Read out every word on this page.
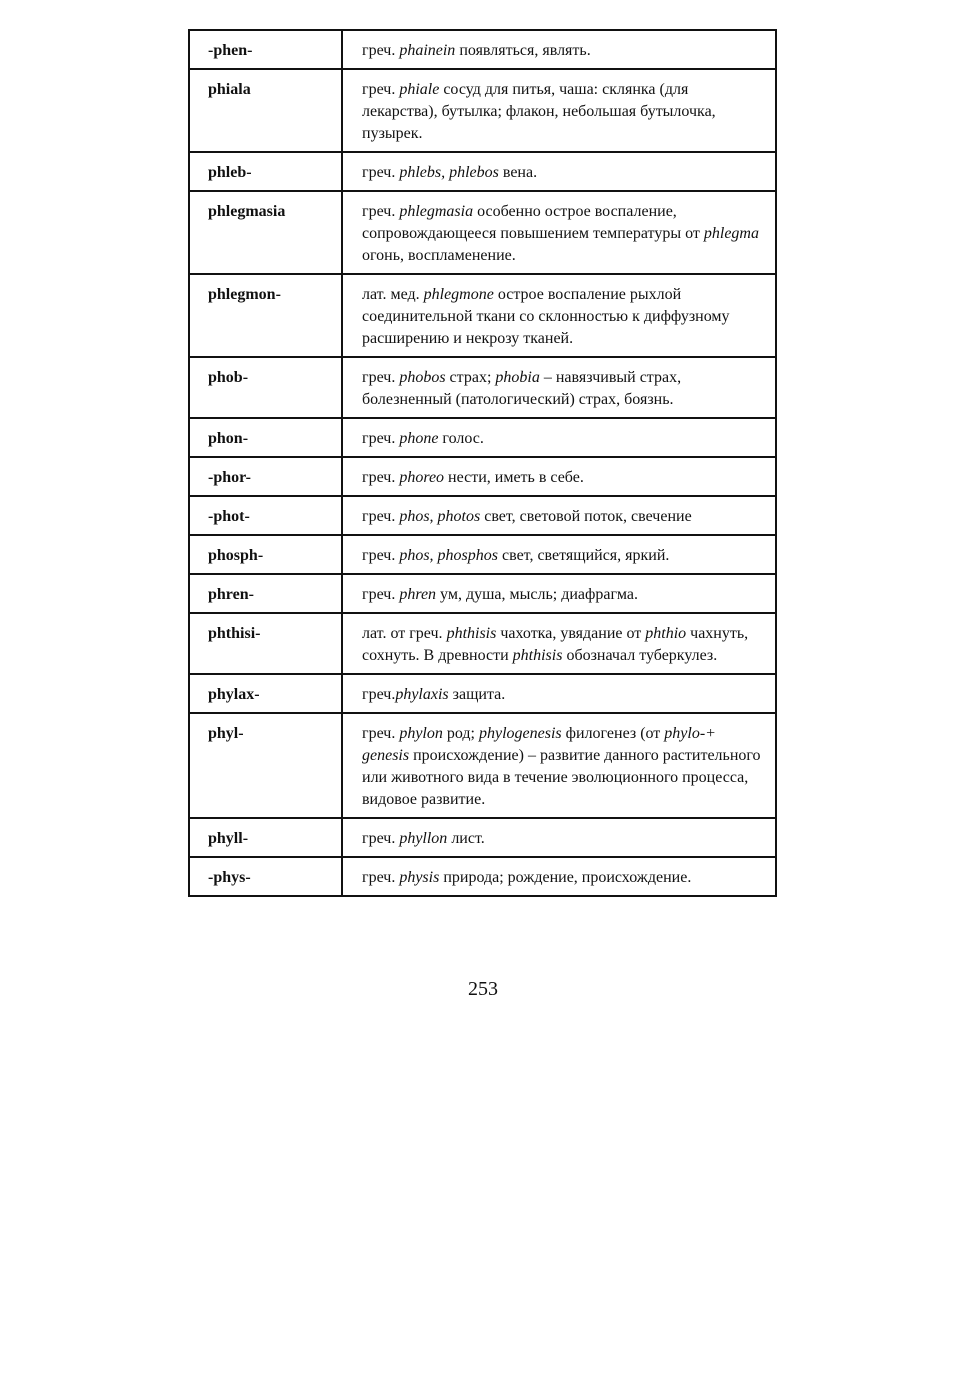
-phen-	греч. phainein появляться, являть.
phiala	греч. phiale сосуд для питья, чаша: склянка (для лекарства), бутылка; флакон, небольшая бутылочка, пузырек.
phleb-	греч. phlebs, phlebos вена.
phlegmasia	греч. phlegmasia особенно острое воспаление, сопровождающееся повышением температуры от phlegma огонь, воспламенение.
phlegmon-	лат. мед. phlegmone острое воспаление рыхлой соединительной ткани со склонностью к диффузному расширению и некрозу тканей.
phob-	греч. phobos страх; phobia – навязчивый страх, болезненный (патологический) страх, боязнь.
phon-	греч. phone голос.
-phor-	греч. phoreo нести, иметь в себе.
-phot-	греч. phos, photos свет, световой поток, свечение
phosph-	греч. phos, phosphos свет, светящийся, яркий.
phren-	греч. phren ум, душа, мысль; диафрагма.
phthisi-	лат. от греч. phthisis чахотка, увядание от phthio чахнуть, сохнуть. В древности phthisis обозначал туберкулез.
phylax-	греч.phylaxis защита.
phyl-	греч. phylon род; phylogenesis филогенез (от phylo-+ genesis происхождение) – развитие данного растительного или животного вида в течение эволюционного процесса, видовое развитие.
phyll-	греч. phyllon лист.
-phys-	греч. physis природа; рождение, происхождение.
253
